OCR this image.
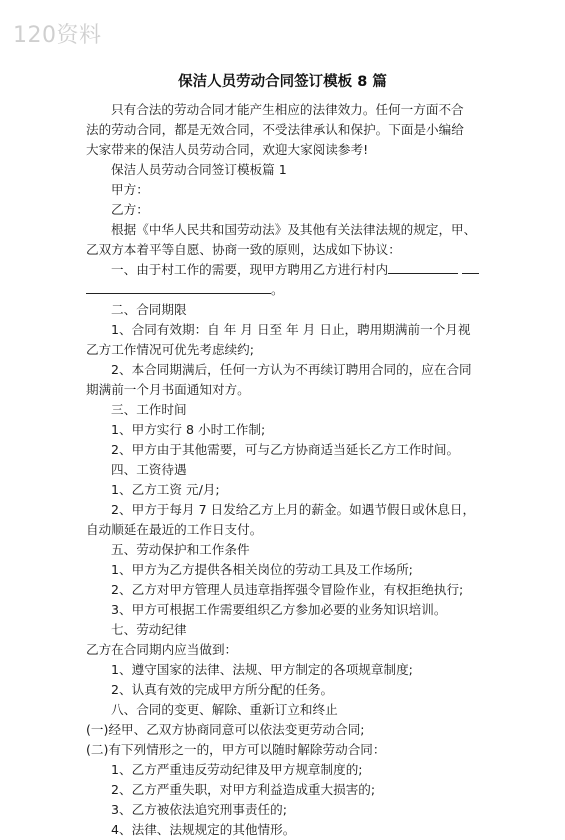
120资料
保洁人员劳动合同签订模板 8 篇
只有合法的劳动合同才能产生相应的法律效力。任何一方面不合
法的劳动合同，都是无效合同，不受法律承认和保护。下面是小编给
大家带来的保洁人员劳动合同，欢迎大家阅读参考!
保洁人员劳动合同签订模板篇 1
甲方：
乙方：
根据《中华人民共和国劳动法》及其他有关法律法规的规定，甲、
乙双方本着平等自愿、协商一致的原则，达成如下协议：
一、由于村工作的需要，现甲方聘用乙方进行村内
。
二、合同期限
1、合同有效期：自 年 月 日至 年 月 日止，聘用期满前一个月视
乙方工作情况可优先考虑续约;
2、本合同期满后，任何一方认为不再续订聘用合同的，应在合同
期满前一个月书面通知对方。
三、工作时间
1、甲方实行 8 小时工作制;
2、甲方由于其他需要，可与乙方协商适当延长乙方工作时间。
四、工资待遇
1、乙方工资 元/月;
2、甲方于每月 7 日发给乙方上月的薪金。如遇节假日或休息日，
自动顺延在最近的工作日支付。
五、劳动保护和工作条件
1、甲方为乙方提供各相关岗位的劳动工具及工作场所;
2、乙方对甲方管理人员违章指挥强令冒险作业，有权拒绝执行;
3、甲方可根据工作需要组织乙方参加必要的业务知识培训。
七、劳动纪律
乙方在合同期内应当做到：
1、遵守国家的法律、法规、甲方制定的各项规章制度;
2、认真有效的完成甲方所分配的任务。
八、合同的变更、解除、重新订立和终止
(一)经甲、乙双方协商同意可以依法变更劳动合同;
(二)有下列情形之一的，甲方可以随时解除劳动合同：
1、乙方严重违反劳动纪律及甲方规章制度的;
2、乙方严重失职，对甲方利益造成重大损害的;
3、乙方被依法追究刑事责任的;
4、法律、法规规定的其他情形。
